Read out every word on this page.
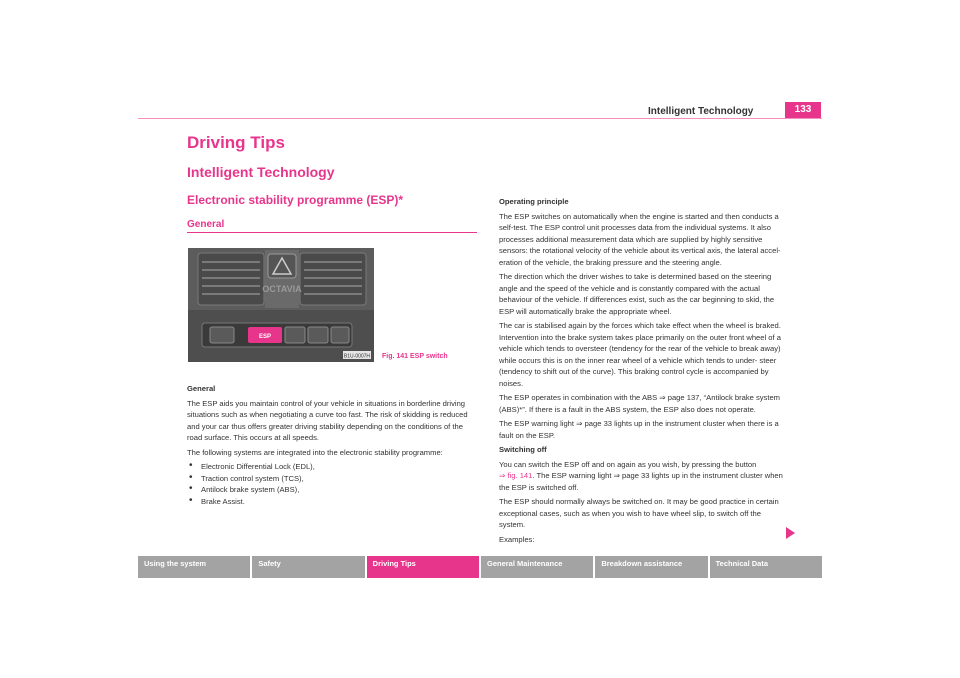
Intelligent Technology	133
Driving Tips
Intelligent Technology
Electronic stability programme (ESP)*
General
OCTAVIA
ESP
B1U-0007H Fig. 141 ESP switch

General

The ESP aids you maintain control of your vehicle in situations in borderline driving situations such as when negotiating a curve too fast. The risk of skidding is reduced and your car thus offers greater driving stability depending on the conditions of the road surface. This occurs at all speeds.

The following systems are integrated into the electronic stability programme:

• Electronic Differential Lock (EDL),
• Traction control system (TCS),
• Antilock brake system (ABS),
• Brake Assist.

Operating principle

The ESP switches on automatically when the engine is started and then conducts a self-test. The ESP control unit processes data from the individual systems. It also processes additional measurement data which are supplied by highly sensitive sensors: the rotational velocity of the vehicle about its vertical axis, the lateral accel- eration of the vehicle, the braking pressure and the steering angle.

The direction which the driver wishes to take is determined based on the steering angle and the speed of the vehicle and is constantly compared with the actual behaviour of the vehicle. If differences exist, such as the car beginning to skid, the ESP will automatically brake the appropriate wheel.

The car is stabilised again by the forces which take effect when the wheel is braked. Intervention into the brake system takes place primarily on the outer front wheel of a vehicle which tends to oversteer (tendency for the rear of the vehicle to break away) while occurs this is on the inner rear wheel of a vehicle which tends to under- steer (tendency to shift out of the curve). This braking control cycle is accompanied by noises.

The ESP operates in combination with the ABS ⇒ page 137, “Antilock brake system (ABS)*”. If there is a fault in the ABS system, the ESP also does not operate.

The ESP warning light ⇒ page 33 lights up in the instrument cluster when there is a fault on the ESP.

Switching off

You can switch the ESP off and on again as you wish, by pressing the button
⇒ fig. 141. The ESP warning light ⇒ page 33 lights up in the instrument cluster when the ESP is switched off.

The ESP should normally always be switched on. It may be good practice in certain exceptional cases, such as when you wish to have wheel slip, to switch off the system.

Examples:

Using the system	Safety	Driving Tips	General Maintenance	Breakdown assistance	Technical Data
